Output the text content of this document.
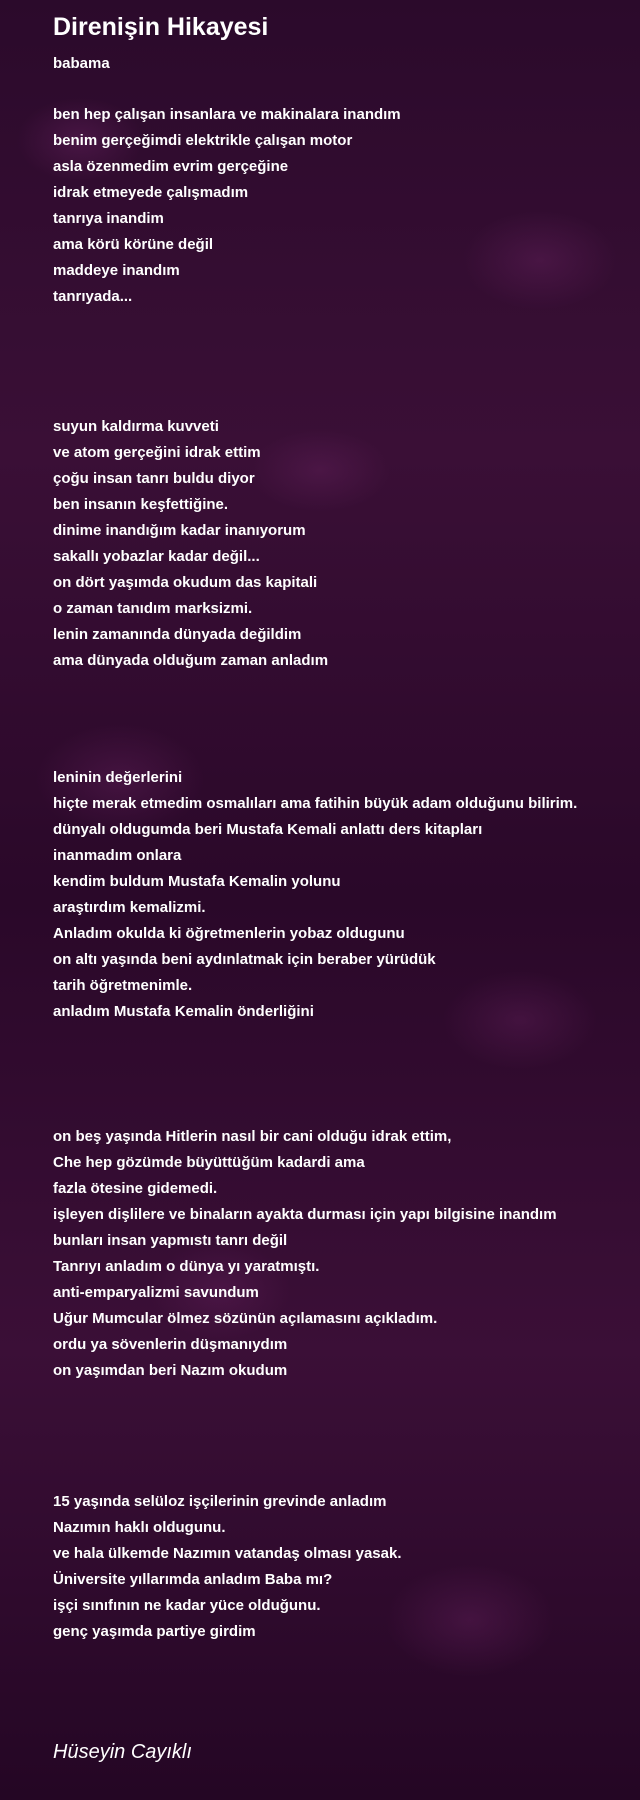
Direnişin Hikayesi
babama
ben hep çalışan insanlara ve makinalara inandım
benim gerçeğimdi elektrikle çalışan motor
asla özenmedim evrim gerçeğine
idrak etmeyede çalışmadım
tanrıya inandim
ama körü körüne değil
maddeye inandım
tanrıyada...
suyun kaldırma kuvveti
ve atom gerçeğini idrak ettim
çoğu insan tanrı buldu diyor
ben insanın keşfettiğine.
dinime inandığım kadar inanıyorum
sakallı yobazlar kadar değil...
on dört yaşımda okudum das kapitali
o zaman tanıdım marksizmi.
lenin zamanında dünyada değildim
ama dünyada olduğum zaman anladım
leninin değerlerini
hiçte merak etmedim osmalıları ama fatihin büyük adam olduğunu bilirim.
dünyalı oldugumda beri Mustafa Kemali anlattı ders kitapları
inanmadım onlara
kendim buldum Mustafa Kemalin yolunu
araştırdım kemalizmi.
Anladım okulda ki öğretmenlerin yobaz oldugunu
on altı yaşında beni aydınlatmak için beraber yürüdük
tarih öğretmenimle.
anladım Mustafa Kemalin önderliğini
on beş yaşında Hitlerin nasıl bir cani olduğu idrak ettim,
Che hep gözümde büyüttüğüm kadardi ama
fazla ötesine gidemedi.
işleyen dişlilere ve binaların ayakta durması için yapı bilgisine inandım
bunları insan yapmıstı tanrı değil
Tanrıyı anladım o dünya yı yaratmıştı.
anti-emparyalizmi savundum
Uğur Mumcular ölmez sözünün açılamasını açıkladım.
ordu ya sövenlerin düşmanıydım
on yaşımdan beri Nazım okudum
15 yaşında selüloz işçilerinin grevinde anladım
Nazımın haklı oldugunu.
ve hala ülkemde Nazımın vatandaş olması yasak.
Üniversite yıllarımda anladım Baba mı?
işçi sınıfının ne kadar yüce olduğunu.
genç yaşımda partiye girdim
Hüseyin Cayıklı
